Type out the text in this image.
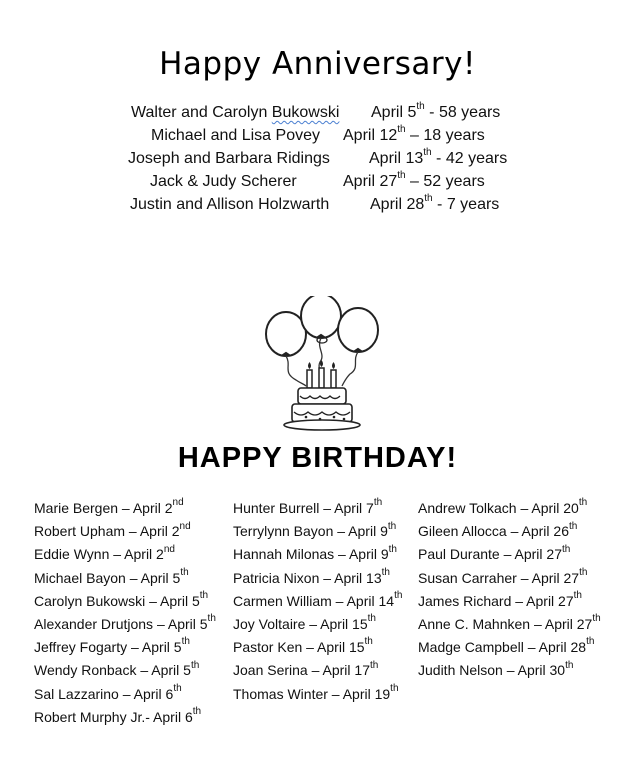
Happy Anniversary!
Walter and Carolyn Bukowski April 5th - 58 years
Michael and Lisa Povey April 12th – 18 years
Joseph and Barbara Ridings April 13th - 42 years
Jack & Judy Scherer	April 27th – 52 years
Justin and Allison Holzwarth	April 28th - 7 years
HAPPY BIRTHDAY!
Marie Bergen – April 2nd
Robert Upham – April 2nd
Eddie Wynn – April 2nd
Michael Bayon – April 5th
Carolyn Bukowski – April 5th
Alexander Drutjons – April 5th
Jeffrey Fogarty – April 5th
Wendy Ronback – April 5th
Sal Lazzarino – April 6th
Robert Murphy Jr.- April 6th
Hunter Burrell – April 7th
Terrylynn Bayon – April 9th
Hannah Milonas – April 9th
Patricia Nixon – April 13th
Carmen William – April 14th
Joy Voltaire – April 15th
Pastor Ken – April 15th
Joan Serina – April 17th
Thomas Winter – April 19th
Andrew Tolkach – April 20th
Gileen Allocca – April 26th
Paul Durante – April 27th
Susan Carraher – April 27th
James Richard – April 27th
Anne C. Mahnken – April 27th
Madge Campbell – April 28th
Judith Nelson – April 30th
